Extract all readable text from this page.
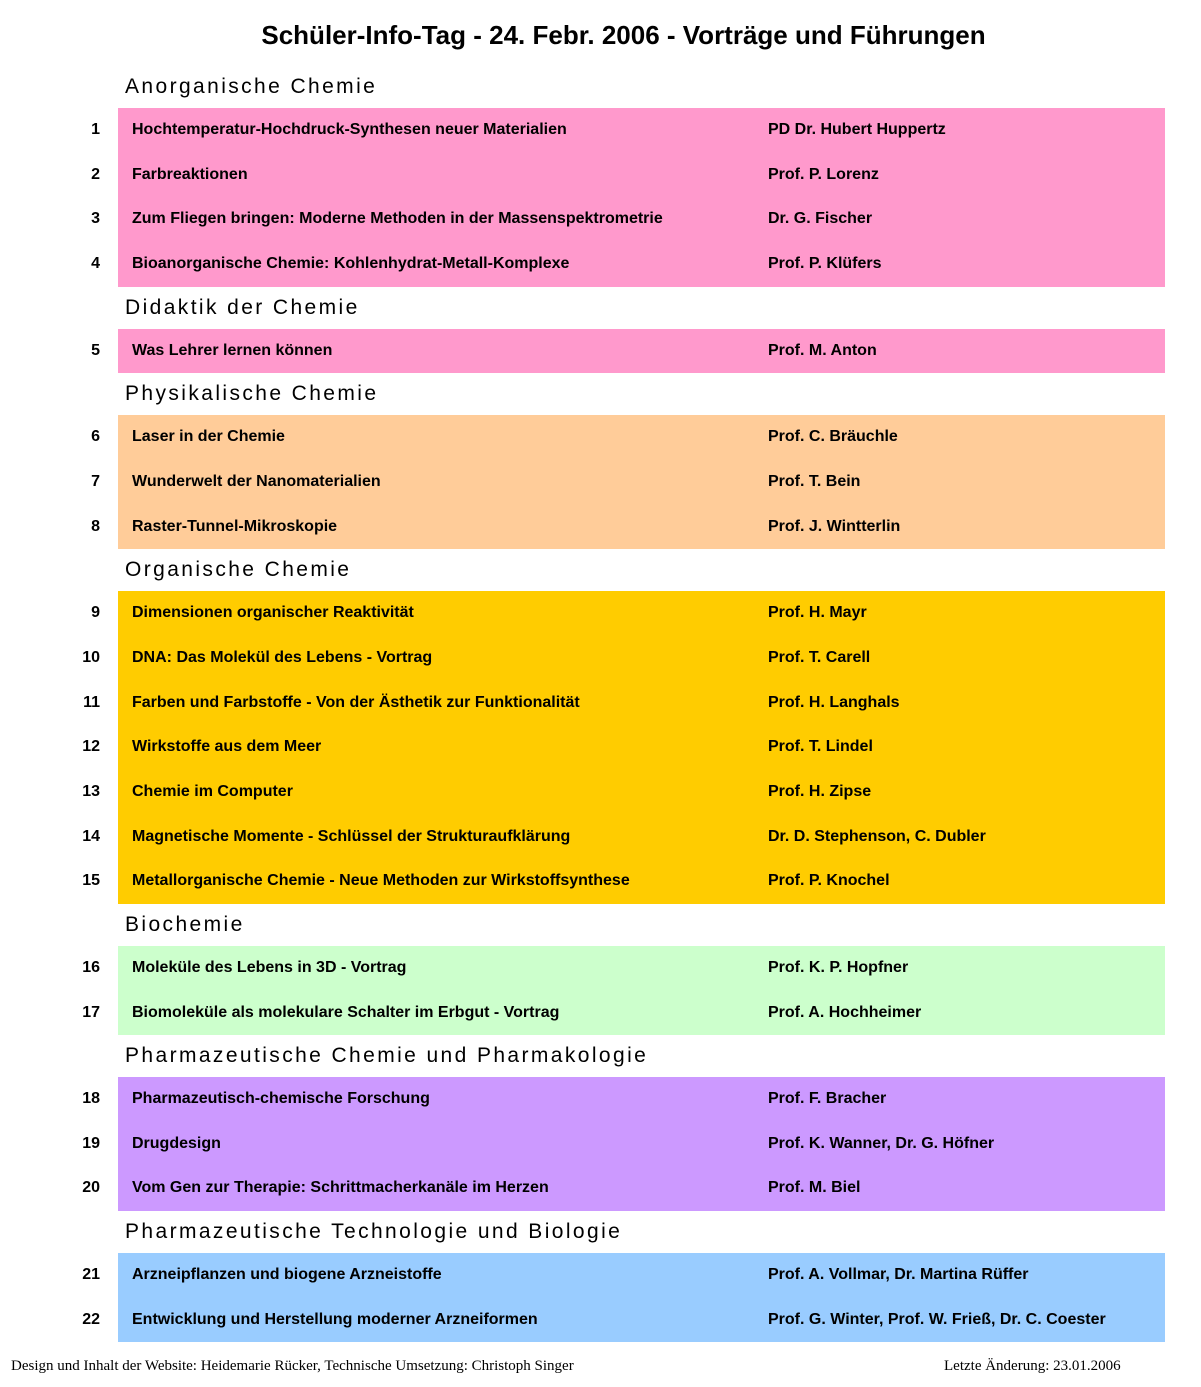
Schüler-Info-Tag - 24. Febr. 2006 - Vorträge und Führungen
Anorganische Chemie
1 Hochtemperatur-Hochdruck-Synthesen neuer Materialien	PD Dr. Hubert Huppertz
2 Farbreaktionen	Prof. P. Lorenz
3 Zum Fliegen bringen: Moderne Methoden in der Massenspektrometrie	Dr. G. Fischer
4 Bioanorganische Chemie: Kohlenhydrat-Metall-Komplexe	Prof. P. Klüfers
Didaktik der Chemie
5 Was Lehrer lernen können	Prof. M. Anton
Physikalische Chemie
6 Laser in der Chemie	Prof. C. Bräuchle
7 Wunderwelt der Nanomaterialien	Prof. T. Bein
8 Raster-Tunnel-Mikroskopie	Prof. J. Wintterlin
Organische Chemie
9 Dimensionen organischer Reaktivität	Prof. H. Mayr
10 DNA: Das Molekül des Lebens - Vortrag	Prof. T. Carell
11 Farben und Farbstoffe - Von der Ästhetik zur Funktionalität	Prof. H. Langhals
12 Wirkstoffe aus dem Meer	Prof. T. Lindel
13 Chemie im Computer	Prof. H. Zipse
14 Magnetische Momente - Schlüssel der Strukturaufklärung	Dr. D. Stephenson, C. Dubler
15 Metallorganische Chemie - Neue Methoden zur Wirkstoffsynthese	Prof. P. Knochel
Biochemie
16 Moleküle des Lebens in 3D - Vortrag	Prof. K. P. Hopfner
17 Biomoleküle als molekulare Schalter im Erbgut - Vortrag	Prof. A. Hochheimer
Pharmazeutische Chemie und Pharmakologie
18 Pharmazeutisch-chemische Forschung	Prof. F. Bracher
19 Drugdesign	Prof. K. Wanner, Dr. G. Höfner
20 Vom Gen zur Therapie: Schrittmacherkanäle im Herzen	Prof. M. Biel
Pharmazeutische Technologie und Biologie
21 Arzneipflanzen und biogene Arzneistoffe	Prof. A. Vollmar, Dr. Martina Rüffer
22 Entwicklung und Herstellung moderner Arzneiformen	Prof. G. Winter, Prof. W. Frieß, Dr. C. Coester
Design und Inhalt der Website: Heidemarie Rücker, Technische Umsetzung: Christoph Singer	Letzte Änderung: 23.01.2006
